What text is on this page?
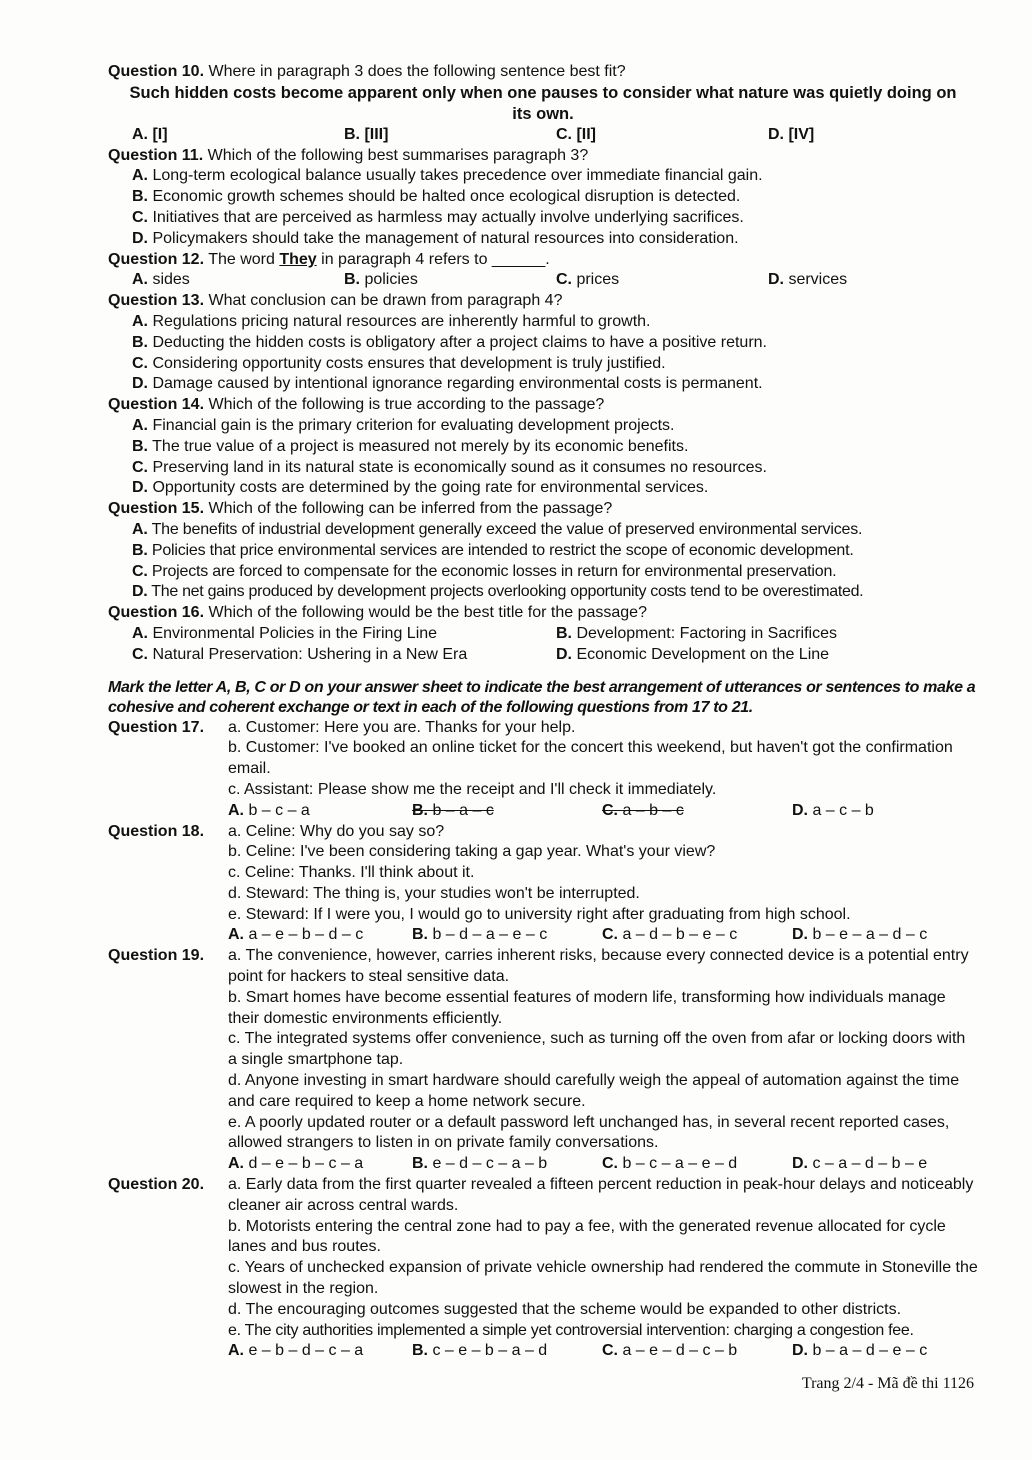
Question 10. Where in paragraph 3 does the following sentence best fit?
Such hidden costs become apparent only when one pauses to consider what nature was quietly doing on its own.
A. [I]	B. [III]	C. [II]	D. [IV]
Question 11. Which of the following best summarises paragraph 3?
A. Long-term ecological balance usually takes precedence over immediate financial gain.
B. Economic growth schemes should be halted once ecological disruption is detected.
C. Initiatives that are perceived as harmless may actually involve underlying sacrifices.
D. Policymakers should take the management of natural resources into consideration.
Question 12. The word They in paragraph 4 refers to ______.
A. sides	B. policies	C. prices	D. services
Question 13. What conclusion can be drawn from paragraph 4?
A. Regulations pricing natural resources are inherently harmful to growth.
B. Deducting the hidden costs is obligatory after a project claims to have a positive return.
C. Considering opportunity costs ensures that development is truly justified.
D. Damage caused by intentional ignorance regarding environmental costs is permanent.
Question 14. Which of the following is true according to the passage?
A. Financial gain is the primary criterion for evaluating development projects.
B. The true value of a project is measured not merely by its economic benefits.
C. Preserving land in its natural state is economically sound as it consumes no resources.
D. Opportunity costs are determined by the going rate for environmental services.
Question 15. Which of the following can be inferred from the passage?
A. The benefits of industrial development generally exceed the value of preserved environmental services.
B. Policies that price environmental services are intended to restrict the scope of economic development.
C. Projects are forced to compensate for the economic losses in return for environmental preservation.
D. The net gains produced by development projects overlooking opportunity costs tend to be overestimated.
Question 16. Which of the following would be the best title for the passage?
A. Environmental Policies in the Firing Line	B. Development: Factoring in Sacrifices
C. Natural Preservation: Ushering in a New Era	D. Economic Development on the Line
Mark the letter A, B, C or D on your answer sheet to indicate the best arrangement of utterances or sentences to make a cohesive and coherent exchange or text in each of the following questions from 17 to 21.
Question 17.	a. Customer: Here you are. Thanks for your help.
b. Customer: I've booked an online ticket for the concert this weekend, but haven't got the confirmation email.
c. Assistant: Please show me the receipt and I'll check it immediately.
A. b – c – a	B. b – a – c	C. a – b – c	D. a – c – b
Question 18.	a. Celine: Why do you say so?
b. Celine: I've been considering taking a gap year. What's your view?
c. Celine: Thanks. I'll think about it.
d. Steward: The thing is, your studies won't be interrupted.
e. Steward: If I were you, I would go to university right after graduating from high school.
A. a – e – b – d – c	B. b – d – a – e – c	C. a – d – b – e – c	D. b – e – a – d – c
Question 19.	a. The convenience, however, carries inherent risks, because every connected device is a potential entry point for hackers to steal sensitive data.
b. Smart homes have become essential features of modern life, transforming how individuals manage their domestic environments efficiently.
c. The integrated systems offer convenience, such as turning off the oven from afar or locking doors with a single smartphone tap.
d. Anyone investing in smart hardware should carefully weigh the appeal of automation against the time and care required to keep a home network secure.
e. A poorly updated router or a default password left unchanged has, in several recent reported cases, allowed strangers to listen in on private family conversations.
A. d – e – b – c – a	B. e – d – c – a – b	C. b – c – a – e – d	D. c – a – d – b – e
Question 20.	a. Early data from the first quarter revealed a fifteen percent reduction in peak-hour delays and noticeably cleaner air across central wards.
b. Motorists entering the central zone had to pay a fee, with the generated revenue allocated for cycle lanes and bus routes.
c. Years of unchecked expansion of private vehicle ownership had rendered the commute in Stoneville the slowest in the region.
d. The encouraging outcomes suggested that the scheme would be expanded to other districts.
e. The city authorities implemented a simple yet controversial intervention: charging a congestion fee.
A. e – b – d – c – a	B. c – e – b – a – d	C. a – e – d – c – b	D. b – a – d – e – c
Trang 2/4 - Mã đề thi 1126
